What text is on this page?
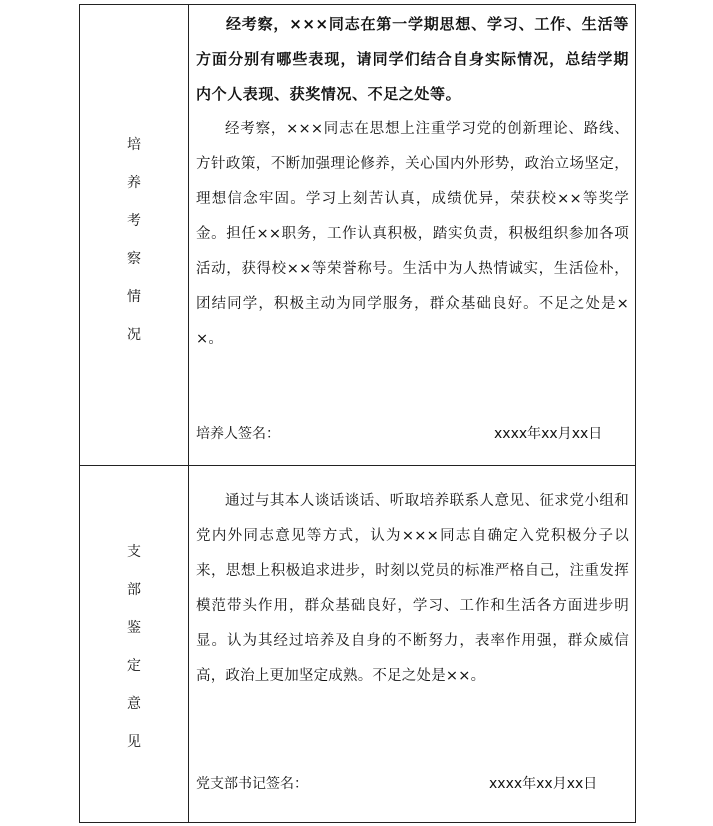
培
养
考
察
情
况

经考察，×××同志在第一学期思想、学习、工作、生活等方面分别有哪些表现，请同学们结合自身实际情况，总结学期内个人表现、获奖情况、不足之处等。

经考察，×××同志在思想上注重学习党的创新理论、路线、方针政策，不断加强理论修养，关心国内外形势，政治立场坚定，理想信念牢固。学习上刻苦认真，成绩优异，荣获校××等奖学金。担任××职务，工作认真积极，踏实负责，积极组织参加各项活动，获得校××等荣誉称号。生活中为人热情诚实，生活俭朴，团结同学，积极主动为同学服务，群众基础良好。不足之处是××。

培养人签名：	xxxx年xx月xx日
支
部
鉴
定
意
见

通过与其本人谈话谈话、听取培养联系人意见、征求党小组和党内外同志意见等方式，认为×××同志自确定入党积极分子以来，思想上积极追求进步，时刻以党员的标准严格自己，注重发挥模范带头作用，群众基础良好，学习、工作和生活各方面进步明显。认为其经过培养及自身的不断努力，表率作用强，群众威信高，政治上更加坚定成熟。不足之处是××。

党支部书记签名：	xxxx年xx月xx日
